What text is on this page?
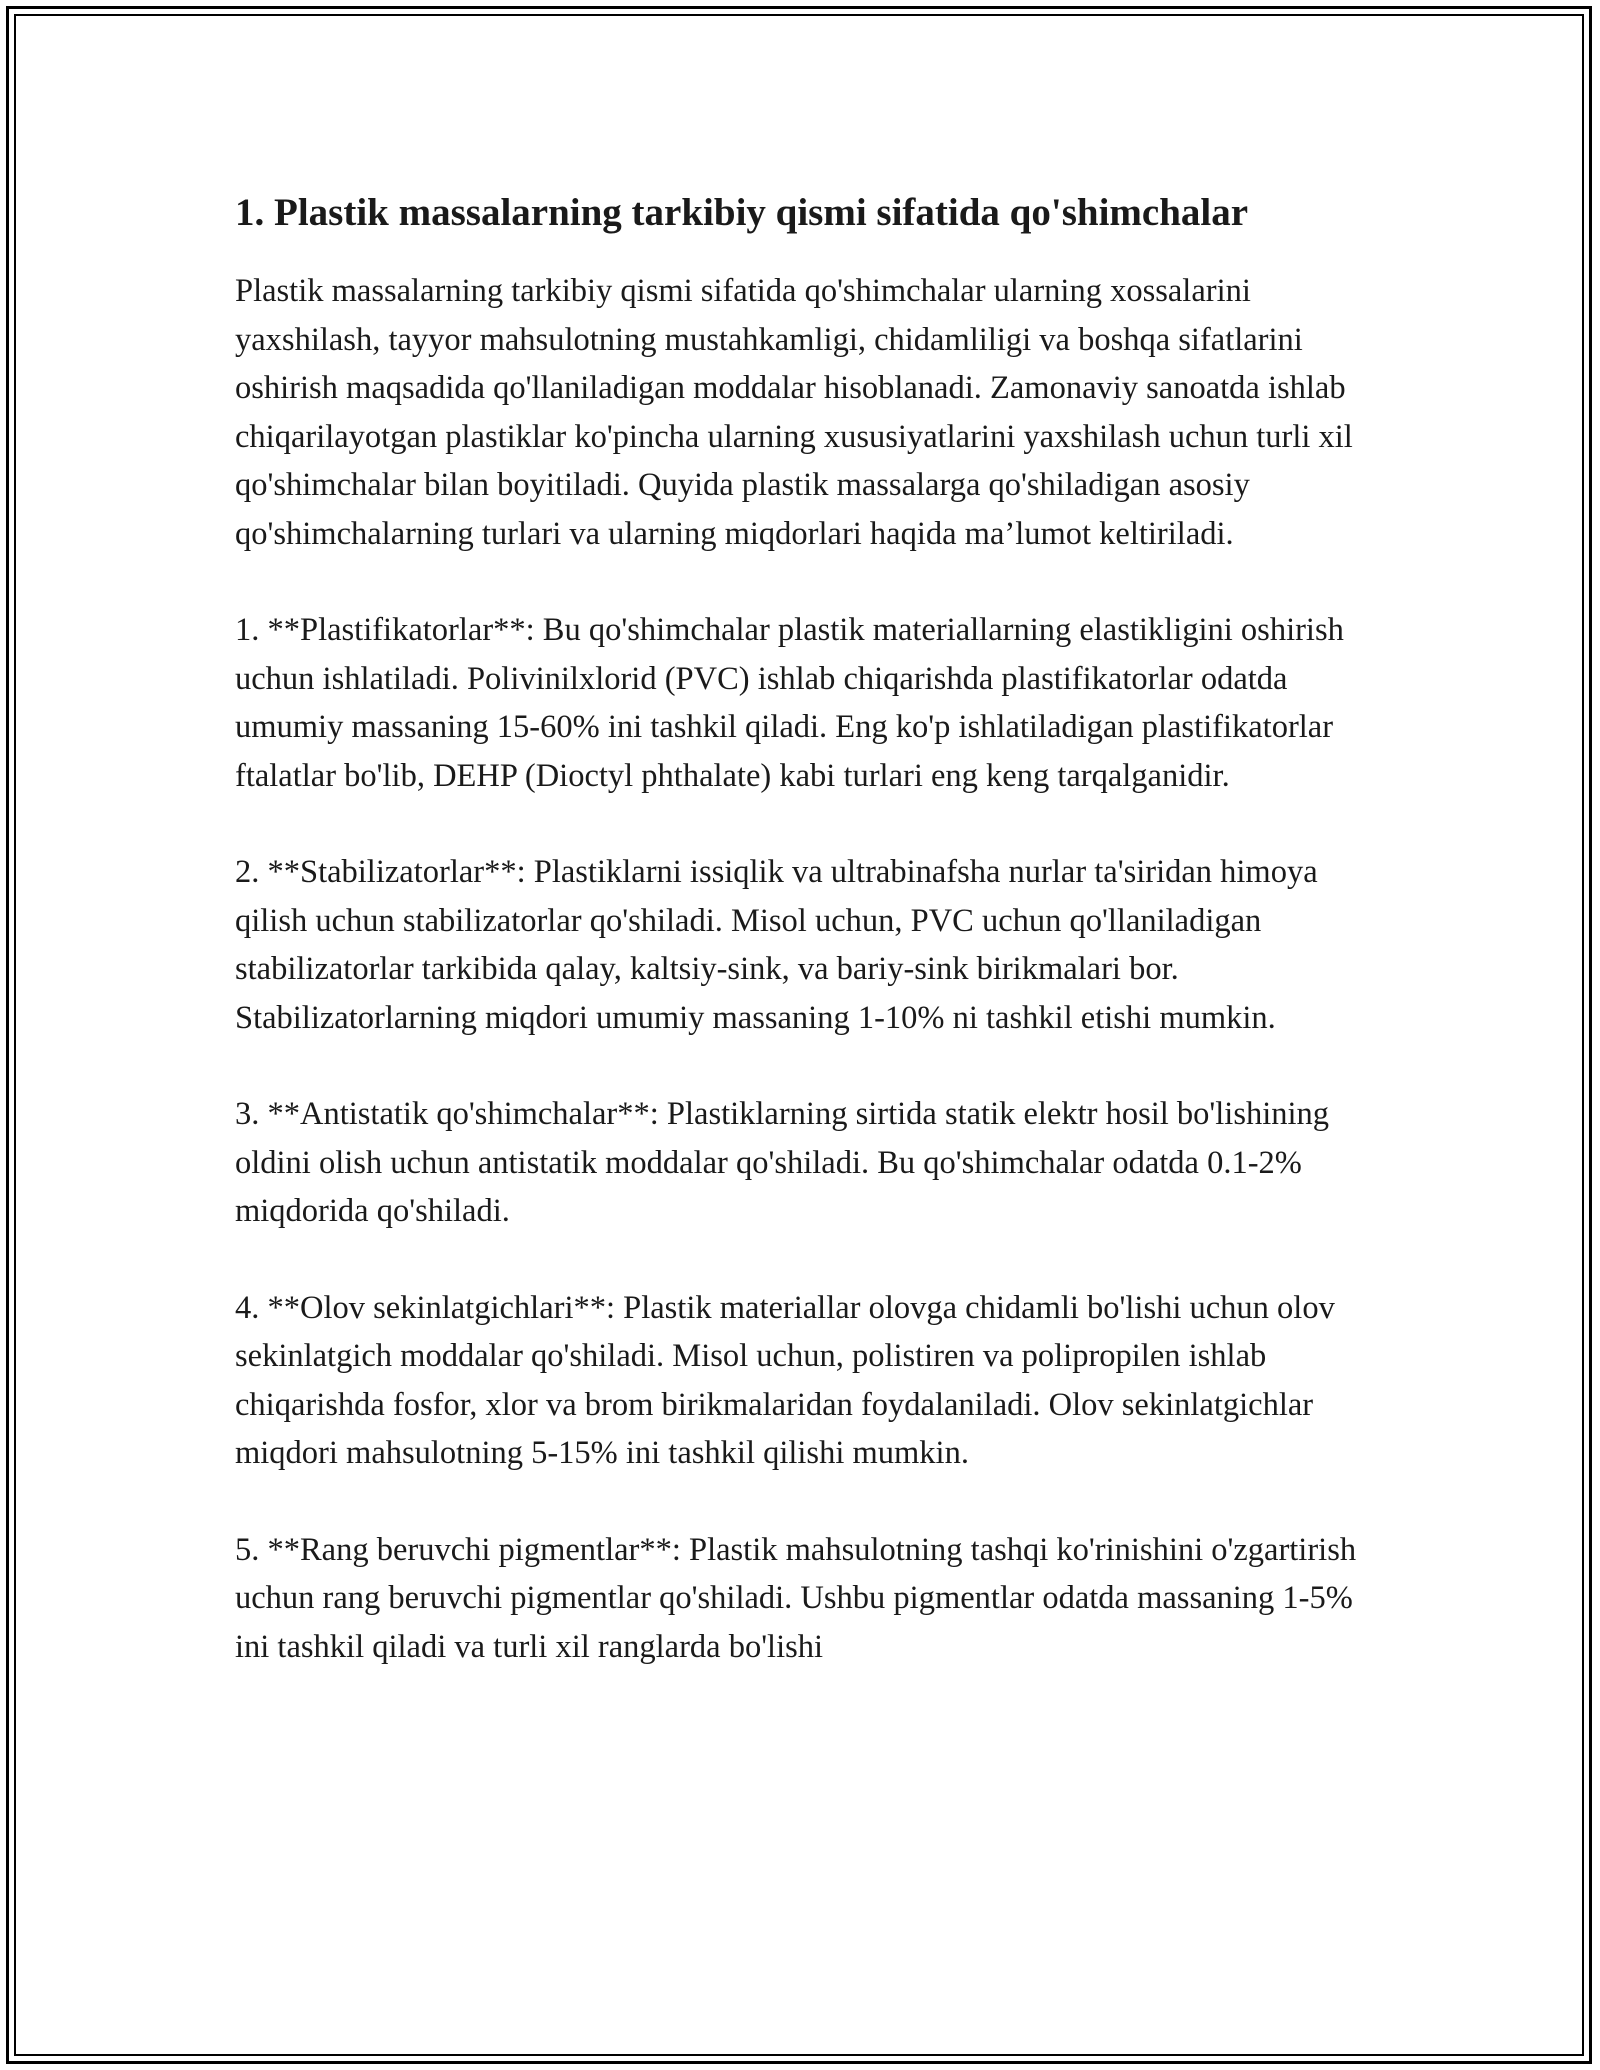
1. Plastik massalarning tarkibiy qismi sifatida qo'shimchalar

Plastik massalarning tarkibiy qismi sifatida qo'shimchalar ularning xossalarini yaxshilash, tayyor mahsulotning mustahkamligi, chidamliligi va boshqa sifatlarini oshirish maqsadida qo'llaniladigan moddalar hisoblanadi. Zamonaviy sanoatda ishlab chiqarilayotgan plastiklar ko'pincha ularning xususiyatlarini yaxshilash uchun turli xil qo'shimchalar bilan boyitiladi. Quyida plastik massalarga qo'shiladigan asosiy qo'shimchalarning turlari va ularning miqdorlari haqida ma’lumot keltiriladi.

1. **Plastifikatorlar**: Bu qo'shimchalar plastik materiallarning elastikligini oshirish uchun ishlatiladi. Polivinilxlorid (PVC) ishlab chiqarishda plastifikatorlar odatda umumiy massaning 15-60% ini tashkil qiladi. Eng ko'p ishlatiladigan plastifikatorlar ftalatlar bo'lib, DEHP (Dioctyl phthalate) kabi turlari eng keng tarqalganidir.

2. **Stabilizatorlar**: Plastiklarni issiqlik va ultrabinafsha nurlar ta'siridan himoya qilish uchun stabilizatorlar qo'shiladi. Misol uchun, PVC uchun qo'llaniladigan stabilizatorlar tarkibida qalay, kaltsiy-sink, va bariy-sink birikmalari bor. Stabilizatorlarning miqdori umumiy massaning 1-10% ni tashkil etishi mumkin.

3. **Antistatik qo'shimchalar**: Plastiklarning sirtida statik elektr hosil bo'lishining oldini olish uchun antistatik moddalar qo'shiladi. Bu qo'shimchalar odatda 0.1-2% miqdorida qo'shiladi.

4. **Olov sekinlatgichlari**: Plastik materiallar olovga chidamli bo'lishi uchun olov sekinlatgich moddalar qo'shiladi. Misol uchun, polistiren va polipropilen ishlab chiqarishda fosfor, xlor va brom birikmalaridan foydalaniladi. Olov sekinlatgichlar miqdori mahsulotning 5-15% ini tashkil qilishi mumkin.

5. **Rang beruvchi pigmentlar**: Plastik mahsulotning tashqi ko'rinishini o'zgartirish uchun rang beruvchi pigmentlar qo'shiladi. Ushbu pigmentlar odatda massaning 1-5% ini tashkil qiladi va turli xil ranglarda bo'lishi
